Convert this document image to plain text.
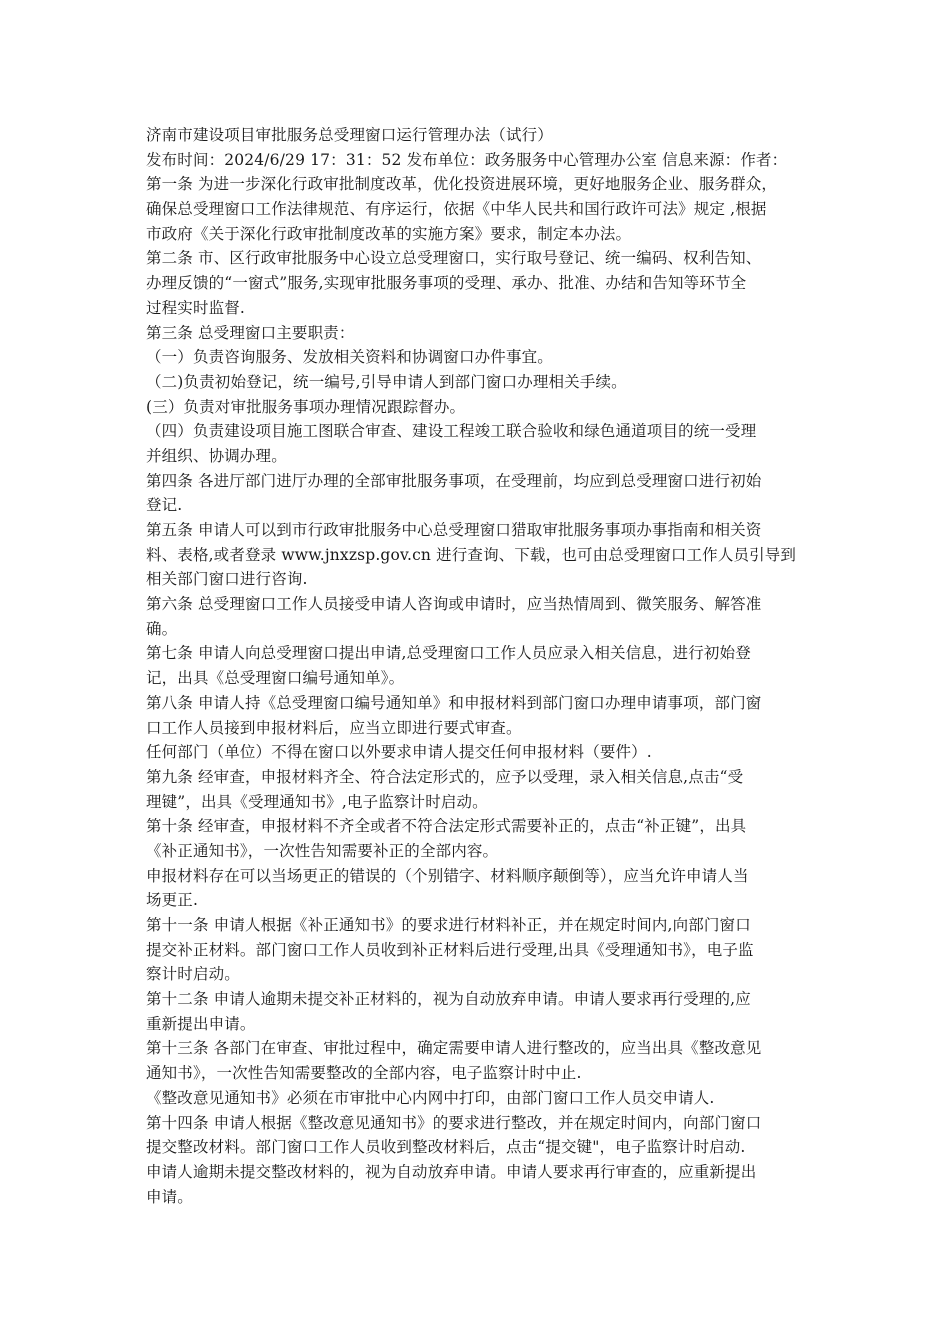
济南市建设项目审批服务总受理窗口运行管理办法（试行）
发布时间：2024/6/29 17：31：52 发布单位：政务服务中心管理办公室 信息来源：作者：
第一条 为进一步深化行政审批制度改革，优化投资进展环境，更好地服务企业、服务群众，
确保总受理窗口工作法律规范、有序运行，依据《中华人民共和国行政许可法》规定 ,根据
市政府《关于深化行政审批制度改革的实施方案》要求，制定本办法。
第二条 市、区行政审批服务中心设立总受理窗口，实行取号登记、统一编码、权利告知、
办理反馈的“一窗式”服务,实现审批服务事项的受理、承办、批准、办结和告知等环节全
过程实时监督.
第三条 总受理窗口主要职责：
（一）负责咨询服务、发放相关资料和协调窗口办件事宜。
（二)负责初始登记，统一编号,引导申请人到部门窗口办理相关手续。
(三）负责对审批服务事项办理情况跟踪督办。
（四）负责建设项目施工图联合审查、建设工程竣工联合验收和绿色通道项目的统一受理
并组织、协调办理。
第四条 各进厅部门进厅办理的全部审批服务事项，在受理前，均应到总受理窗口进行初始
登记.
第五条 申请人可以到市行政审批服务中心总受理窗口猎取审批服务事项办事指南和相关资
料、表格,或者登录 www.jnxzsp.gov.cn 进行查询、下载，也可由总受理窗口工作人员引导到
相关部门窗口进行咨询.
第六条 总受理窗口工作人员接受申请人咨询或申请时，应当热情周到、微笑服务、解答准
确。
第七条 申请人向总受理窗口提出申请,总受理窗口工作人员应录入相关信息，进行初始登
记，出具《总受理窗口编号通知单》。
第八条 申请人持《总受理窗口编号通知单》和申报材料到部门窗口办理申请事项，部门窗
口工作人员接到申报材料后，应当立即进行要式审查。
任何部门（单位）不得在窗口以外要求申请人提交任何申报材料（要件）.
第九条 经审查，申报材料齐全、符合法定形式的，应予以受理，录入相关信息,点击“受
理键”，出具《受理通知书》,电子监察计时启动。
第十条 经审查，申报材料不齐全或者不符合法定形式需要补正的，点击“补正键”，出具
《补正通知书》，一次性告知需要补正的全部内容。
申报材料存在可以当场更正的错误的（个别错字、材料顺序颠倒等），应当允许申请人当
场更正.
第十一条 申请人根据《补正通知书》的要求进行材料补正，并在规定时间内,向部门窗口
提交补正材料。部门窗口工作人员收到补正材料后进行受理,出具《受理通知书》，电子监
察计时启动。
第十二条 申请人逾期未提交补正材料的，视为自动放弃申请。申请人要求再行受理的,应
重新提出申请。
第十三条 各部门在审查、审批过程中，确定需要申请人进行整改的，应当出具《整改意见
通知书》，一次性告知需要整改的全部内容，电子监察计时中止.
《整改意见通知书》必须在市审批中心内网中打印，由部门窗口工作人员交申请人.
第十四条 申请人根据《整改意见通知书》的要求进行整改，并在规定时间内，向部门窗口
提交整改材料。部门窗口工作人员收到整改材料后，点击“提交键"，电子监察计时启动.
申请人逾期未提交整改材料的，视为自动放弃申请。申请人要求再行审查的，应重新提出
申请。
